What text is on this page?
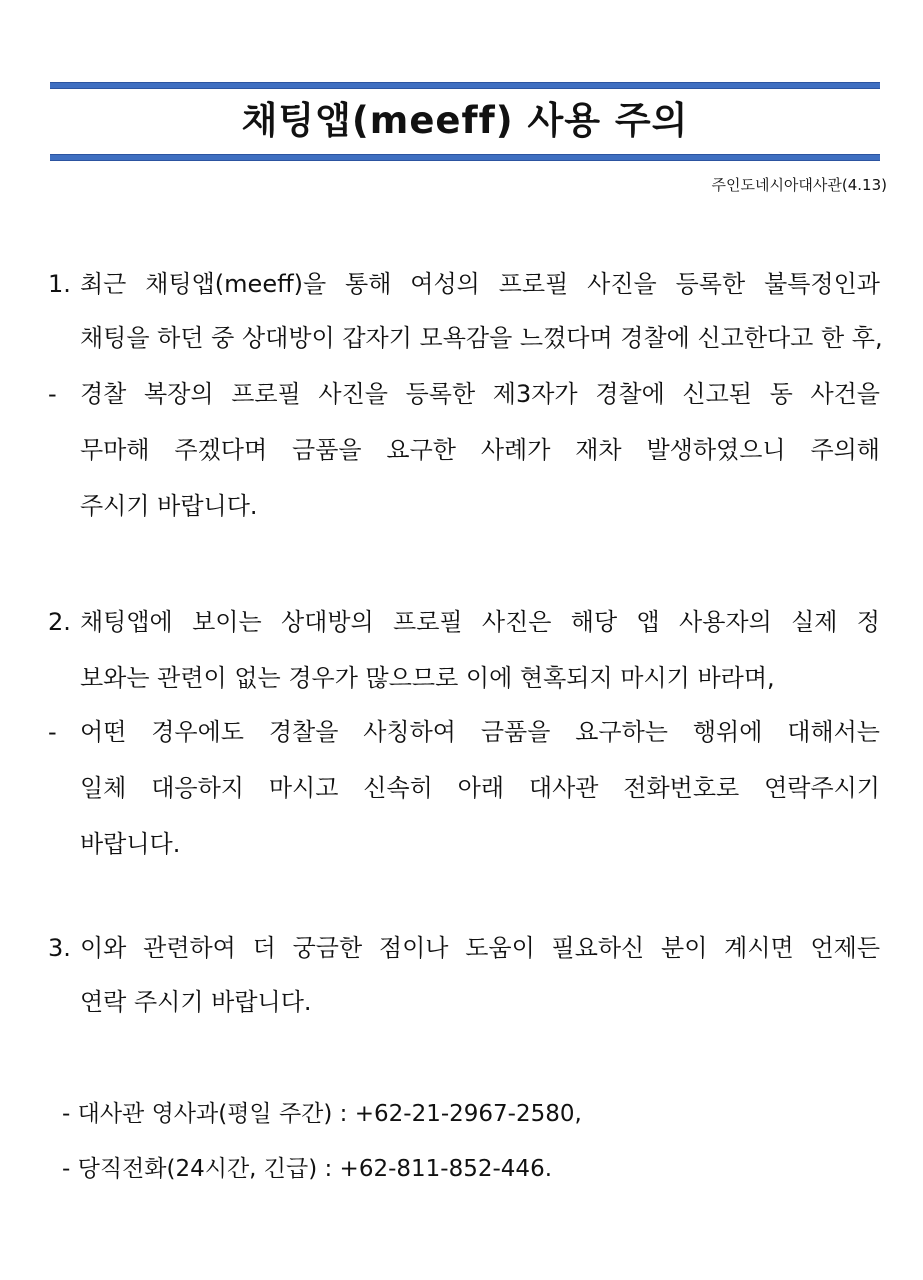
채팅앱(meeff) 사용 주의
주인도네시아대사관(4.13)
1. 최근 채팅앱(meeff)을 통해 여성의 프로필 사진을 등록한 불특정인과
채팅을 하던 중 상대방이 갑자기 모욕감을 느꼈다며 경찰에 신고한다고 한 후,
- 경찰 복장의 프로필 사진을 등록한 제3자가 경찰에 신고된 동 사건을
무마해 주겠다며 금품을 요구한 사례가 재차 발생하였으니 주의해
주시기 바랍니다.
2. 채팅앱에 보이는 상대방의 프로필 사진은 해당 앱 사용자의 실제 정
보와는 관련이 없는 경우가 많으므로 이에 현혹되지 마시기 바라며,
- 어떤 경우에도 경찰을 사칭하여 금품을 요구하는 행위에 대해서는
일체 대응하지 마시고 신속히 아래 대사관 전화번호로 연락주시기
바랍니다.
3. 이와 관련하여 더 궁금한 점이나 도움이 필요하신 분이 계시면 언제든
연락 주시기 바랍니다.
- 대사관 영사과(평일 주간) : +62-21-2967-2580,
- 당직전화(24시간, 긴급) : +62-811-852-446.
